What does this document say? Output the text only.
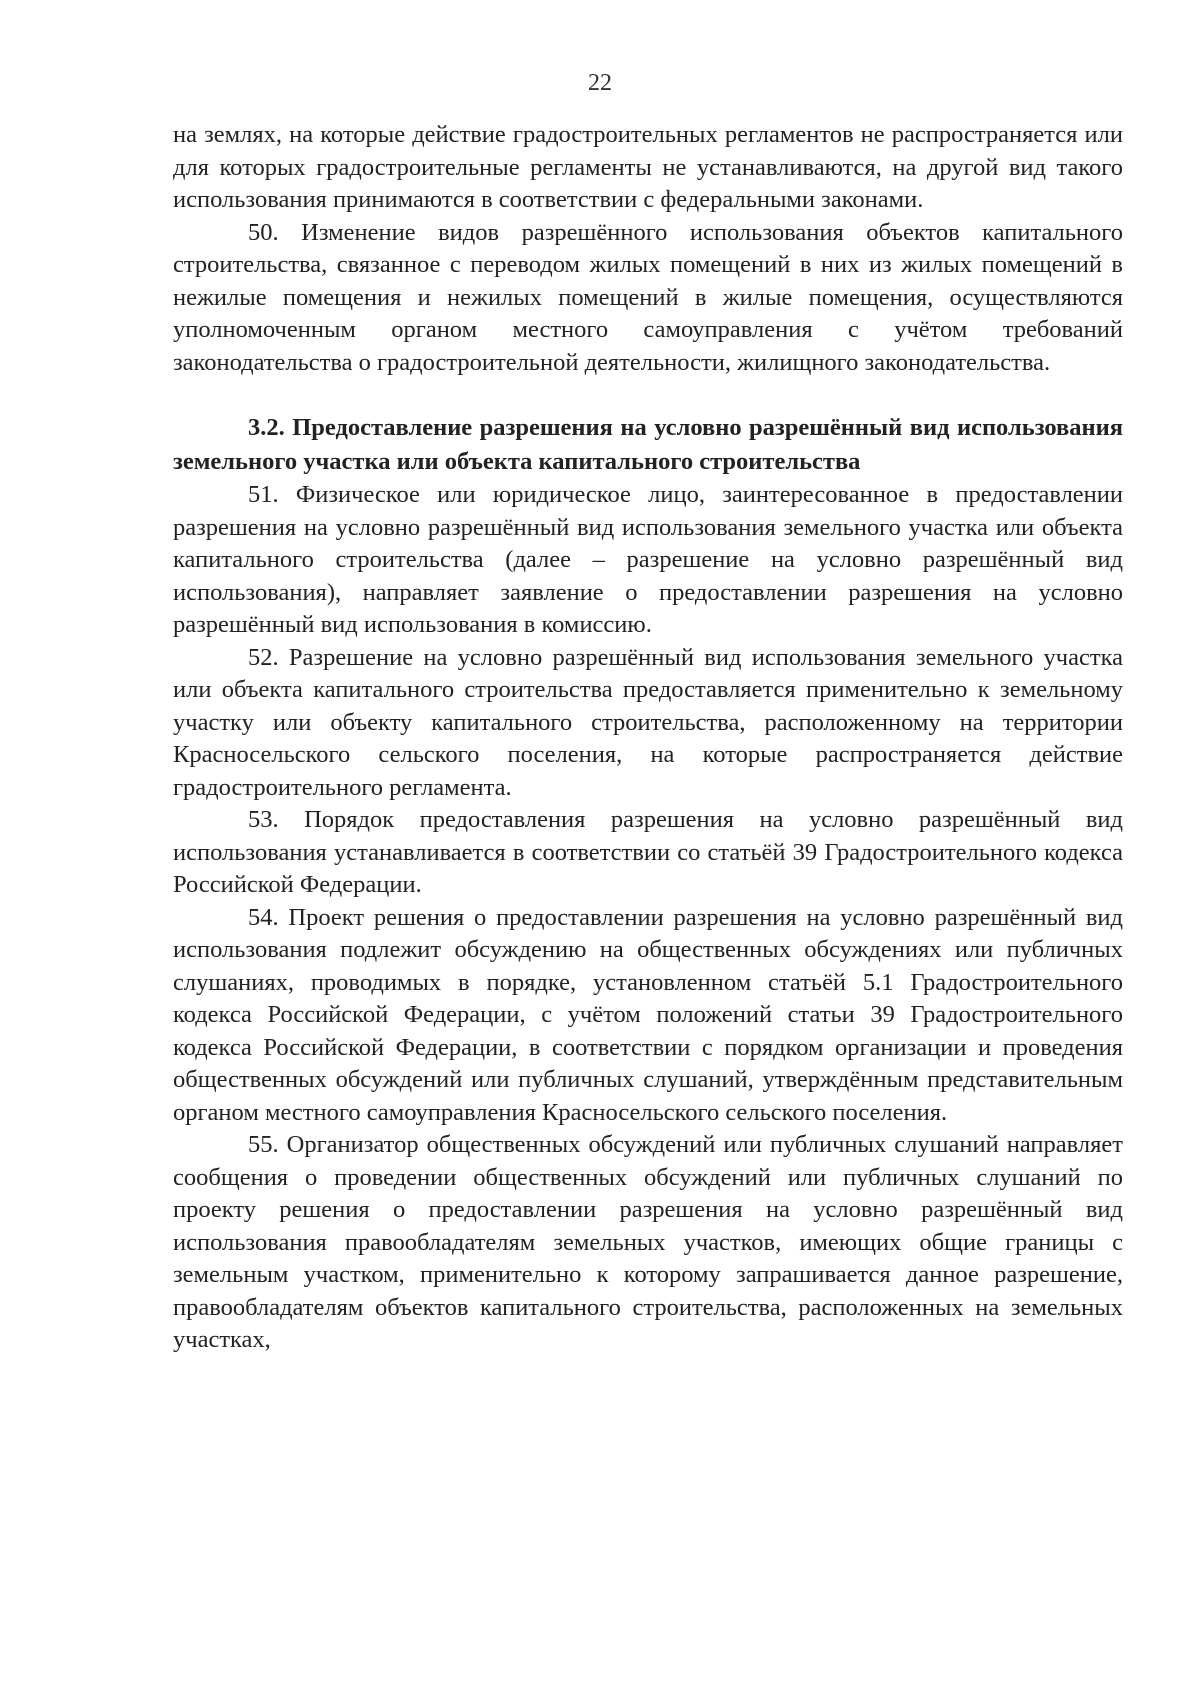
22

на землях, на которые действие градостроительных регламентов не распространяется или для которых градостроительные регламенты не устанавливаются, на другой вид такого использования принимаются в соответствии с федеральными законами.

50. Изменение видов разрешённого использования объектов капитального строительства, связанное с переводом жилых помещений в них из жилых помещений в нежилые помещения и нежилых помещений в жилые помещения, осуществляются уполномоченным органом местного самоуправления с учётом требований законодательства о градостроительной деятельности, жилищного законодательства.

3.2. Предоставление разрешения на условно разрешённый вид использования земельного участка или объекта капитального строительства

51. Физическое или юридическое лицо, заинтересованное в предоставлении разрешения на условно разрешённый вид использования земельного участка или объекта капитального строительства (далее – разрешение на условно разрешённый вид использования), направляет заявление о предоставлении разрешения на условно разрешённый вид использования в комиссию.

52. Разрешение на условно разрешённый вид использования земельного участка или объекта капитального строительства предоставляется применительно к земельному участку или объекту капитального строительства, расположенному на территории Красносельского сельского поселения, на которые распространяется действие градостроительного регламента.

53. Порядок предоставления разрешения на условно разрешённый вид использования устанавливается в соответствии со статьёй 39 Градостроительного кодекса Российской Федерации.

54. Проект решения о предоставлении разрешения на условно разрешённый вид использования подлежит обсуждению на общественных обсуждениях или публичных слушаниях, проводимых в порядке, установленном статьёй 5.1 Градостроительного кодекса Российской Федерации, с учётом положений статьи 39 Градостроительного кодекса Российской Федерации, в соответствии с порядком организации и проведения общественных обсуждений или публичных слушаний, утверждённым представительным органом местного самоуправления Красносельского сельского поселения.

55. Организатор общественных обсуждений или публичных слушаний направляет сообщения о проведении общественных обсуждений или публичных слушаний по проекту решения о предоставлении разрешения на условно разрешённый вид использования правообладателям земельных участков, имеющих общие границы с земельным участком, применительно к которому запрашивается данное разрешение, правообладателям объектов капитального строительства, расположенных на земельных участках,
